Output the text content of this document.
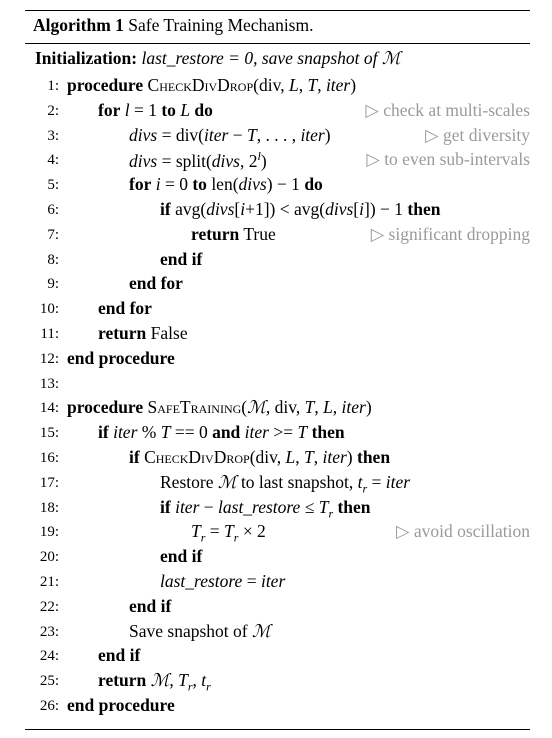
Algorithm 1 Safe Training Mechanism.
Initialization: last_restore = 0, save snapshot of ℳ
1: procedure CheckDivDrop(div, L, T, iter)
2: for l = 1 to L do	▷ check at multi-scales
3:	divs = div(iter − T, . . . , iter)	▷ get diversity
4:	divs = split(divs, 2$^l$)	▷ to even sub-intervals
5:	for i = 0 to len(divs) − 1 do
6:	if avg(divs[i+1]) < avg(divs[i]) − 1 then
7:	return True	▷ significant dropping
8:	end if
9:	end for
10: end for
11: return False
12: end procedure
13:
14: procedure SafeTraining(ℳ, div, T, L, iter)
15: if iter % T == 0 and iter >= T then
16:	if CheckDivDrop(div, L, T, iter) then
17:	Restore ℳ to last snapshot, $t_r$ = iter
18:	if iter − last_restore ≤ $T_r$ then
19:	$T_r = T_r \times 2$	▷ avoid oscillation
20:	end if
21:	last_restore = iter
22:	end if
23:	Save snapshot of ℳ
24: end if
25: return ℳ, $T_r$, $t_r$
26: end procedure
